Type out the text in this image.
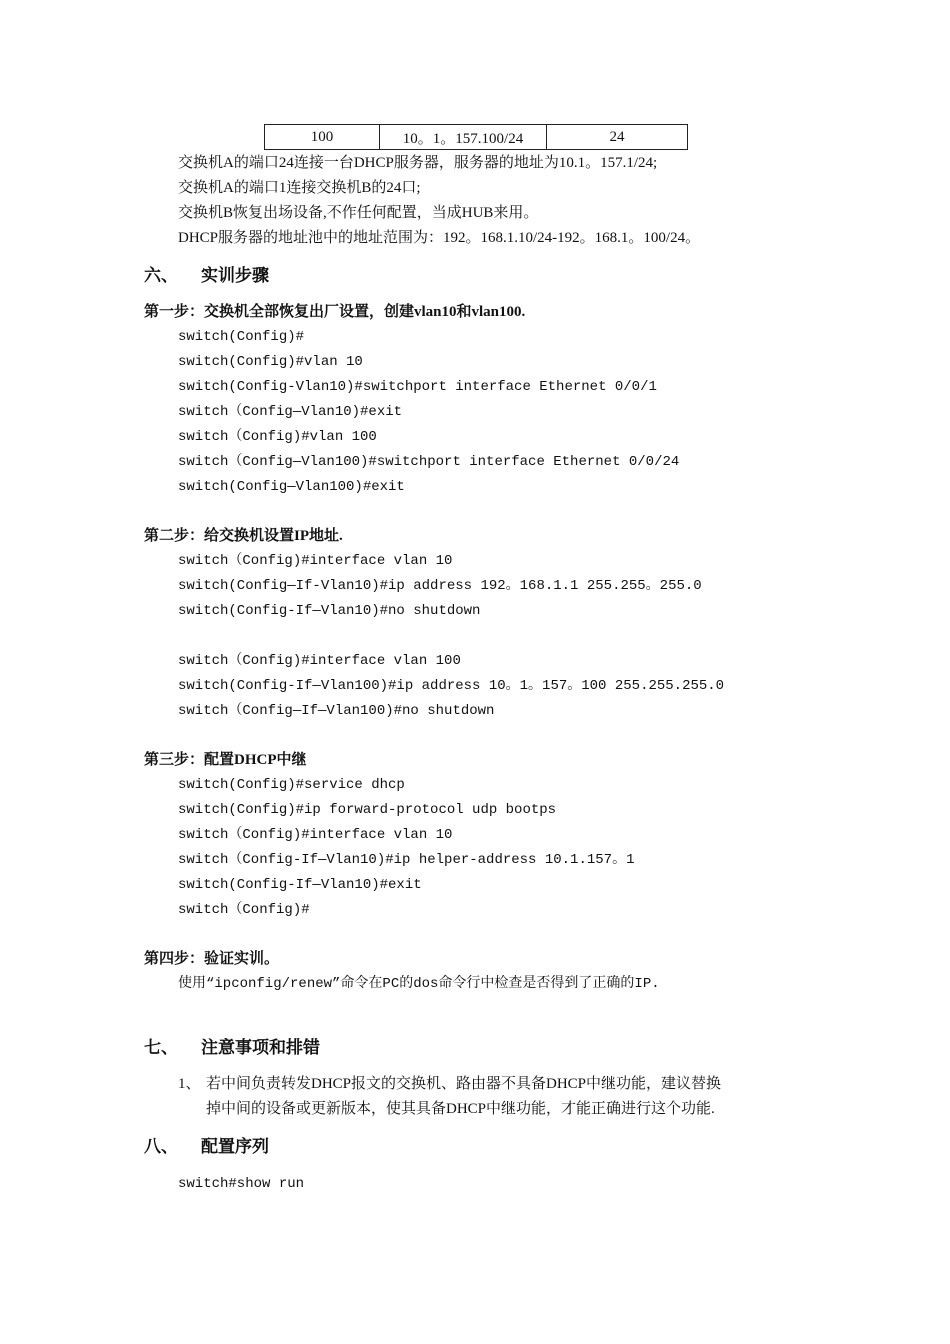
100	10。1。157.100/24	24
交换机A的端口24连接一台DHCP服务器，服务器的地址为10.1。157.1/24;
交换机A的端口1连接交换机B的24口;
交换机B恢复出场设备,不作任何配置，当成HUB来用。
DHCP服务器的地址池中的地址范围为：192。168.1.10/24-192。168.1。100/24。
六、 实训步骤
第一步：交换机全部恢复出厂设置，创建vlan10和vlan100.
switch(Config)#
switch(Config)#vlan 10
switch(Config-Vlan10)#switchport interface Ethernet 0/0/1
switch（Config—Vlan10)#exit
switch（Config)#vlan 100
switch（Config—Vlan100)#switchport interface Ethernet 0/0/24
switch(Config—Vlan100)#exit
第二步：给交换机设置IP地址.
switch（Config)#interface vlan 10
switch(Config—If-Vlan10)#ip address 192。168.1.1 255.255。255.0
switch(Config-If—Vlan10)#no shutdown
switch（Config)#interface vlan 100
switch(Config-If—Vlan100)#ip address 10。1。157。100 255.255.255.0
switch（Config—If—Vlan100)#no shutdown
第三步：配置DHCP中继
switch(Config)#service dhcp
switch(Config)#ip forward-protocol udp bootps
switch（Config)#interface vlan 10
switch（Config-If—Vlan10)#ip helper-address 10.1.157。1
switch(Config-If—Vlan10)#exit
switch（Config)#
第四步：验证实训。
使用“ipconfig/renew”命令在PC的dos命令行中检查是否得到了正确的IP.
七、 注意事项和排错
1、 若中间负责转发DHCP报文的交换机、路由器不具备DHCP中继功能，建议替换
掉中间的设备或更新版本，使其具备DHCP中继功能，才能正确进行这个功能.
八、 配置序列
switch#show run
